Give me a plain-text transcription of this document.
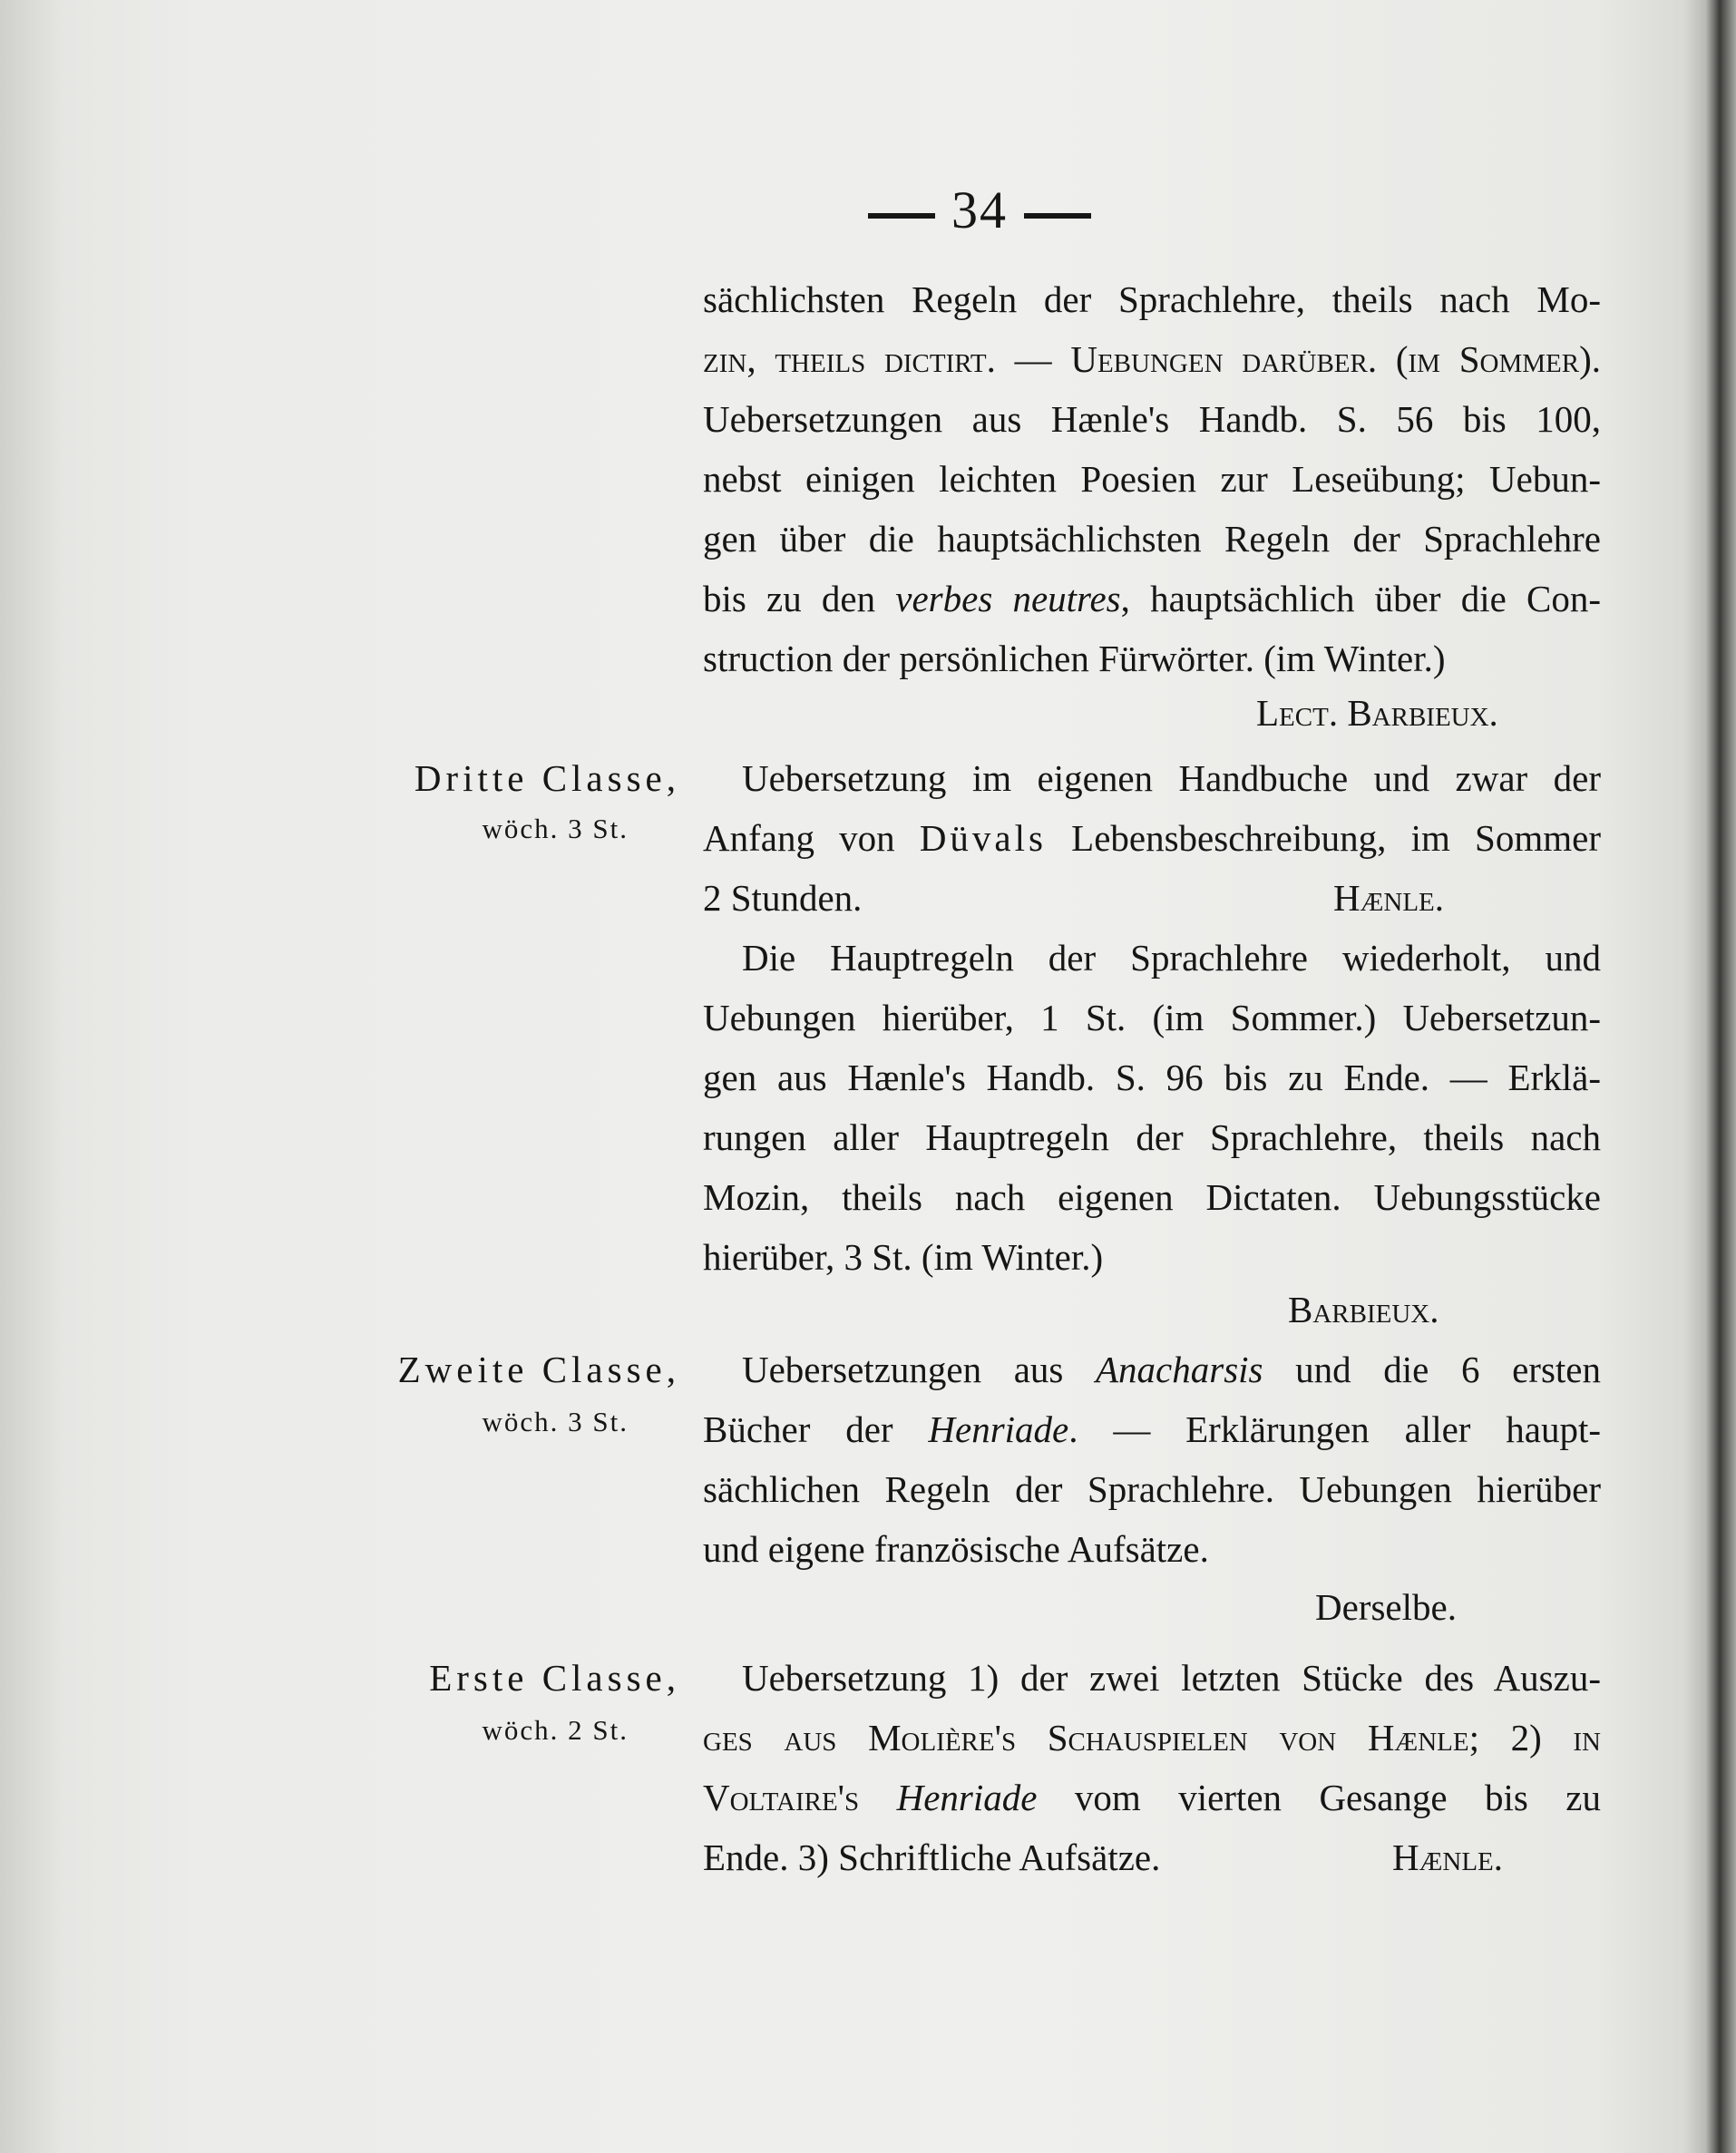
34
sächlichsten Regeln der Sprachlehre, theils nach Mo-
zin, theils dictirt. — Uebungen darüber. (im Sommer).
Uebersetzungen aus Hænle's Handb. S. 56 bis 100,
nebst einigen leichten Poesien zur Leseübung; Uebun-
gen über die hauptsächlichsten Regeln der Sprachlehre
bis zu den verbes neutres, hauptsächlich über die Con-
struction der persönlichen Fürwörter. (im Winter.)
Lect. Barbieux.
Dritte Classe,
wöch. 3 St.
Uebersetzung im eigenen Handbuche und zwar der
Anfang von Düvals Lebensbeschreibung, im Sommer
2 Stunden.	Hænle.
Die Hauptregeln der Sprachlehre wiederholt, und
Uebungen hierüber, 1 St. (im Sommer.) Uebersetzun-
gen aus Hænle's Handb. S. 96 bis zu Ende. — Erklä-
rungen aller Hauptregeln der Sprachlehre, theils nach
Mozin, theils nach eigenen Dictaten. Uebungsstücke
hierüber, 3 St. (im Winter.)
Barbieux.
Zweite Classe,
wöch. 3 St.
Uebersetzungen aus Anacharsis und die 6 ersten
Bücher der Henriade. — Erklärungen aller haupt-
sächlichen Regeln der Sprachlehre. Uebungen hierüber
und eigene französische Aufsätze.
Derselbe.
Erste Classe,
wöch. 2 St.
Uebersetzung 1) der zwei letzten Stücke des Auszu-
ges aus Molière's Schauspielen von Hænle; 2) in
Voltaire's Henriade vom vierten Gesange bis zu
Ende. 3) Schriftliche Aufsätze.	Hænle.
